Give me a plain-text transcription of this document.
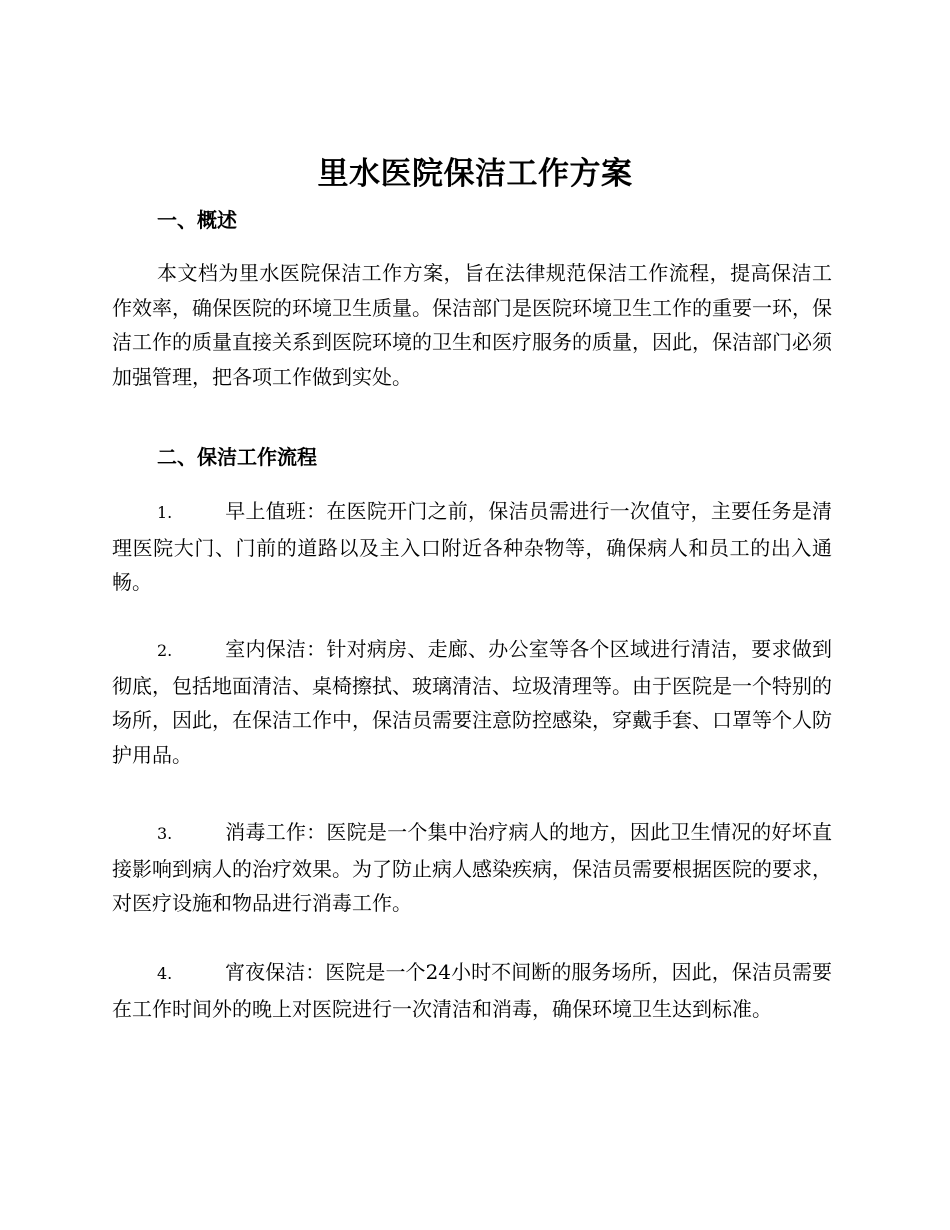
里水医院保洁工作方案
一、概述

本文档为里水医院保洁工作方案，旨在法律规范保洁工作流程，提高保洁工作效率，确保医院的环境卫生质量。保洁部门是医院环境卫生工作的重要一环，保洁工作的质量直接关系到医院环境的卫生和医疗服务的质量，因此，保洁部门必须加强管理，把各项工作做到实处。

二、保洁工作流程

1.	早上值班：在医院开门之前，保洁员需进行一次值守，主要任务是清理医院大门、门前的道路以及主入口附近各种杂物等，确保病人和员工的出入通畅。

2.	室内保洁：针对病房、走廊、办公室等各个区域进行清洁，要求做到彻底，包括地面清洁、桌椅擦拭、玻璃清洁、垃圾清理等。由于医院是一个特别的场所，因此，在保洁工作中，保洁员需要注意防控感染，穿戴手套、口罩等个人防护用品。

3.	消毒工作：医院是一个集中治疗病人的地方，因此卫生情况的好坏直接影响到病人的治疗效果。为了防止病人感染疾病，保洁员需要根据医院的要求，对医疗设施和物品进行消毒工作。

4.	宵夜保洁：医院是一个24小时不间断的服务场所，因此，保洁员需要在工作时间外的晚上对医院进行一次清洁和消毒，确保环境卫生达到标准。
